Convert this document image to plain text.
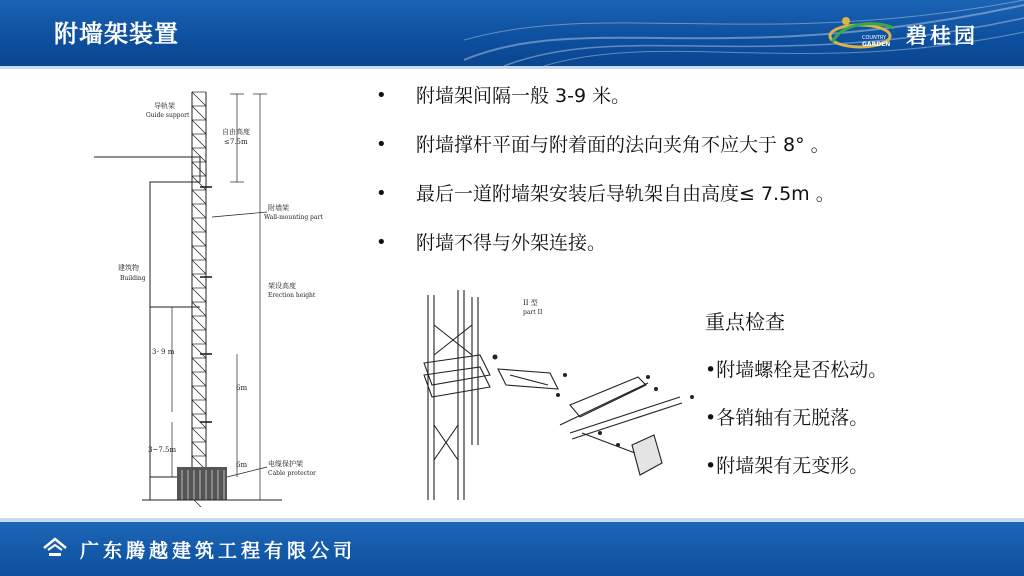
附墙架装置	COUNTRY
GARDEN 碧桂园
导轨架
Guide support
自由高度
≤7.5m
附墙架
Wall-mounting part
建筑物
Building
架设高度
Erection height
3- 9 m
6m
3~7.5m
6m	电缆保护架
Cable protector
• 附墙架间隔一般 3-9 米。
• 附墙撑杆平面与附着面的法向夹角不应大于 8° 。
• 最后一道附墙架安装后导轨架自由高度≤ 7.5m 。
• 附墙不得与外架连接。
II 型
part II	重点检查
•附墙螺栓是否松动。
•各销轴有无脱落。
•附墙架有无变形。
广东腾越建筑工程有限公司
